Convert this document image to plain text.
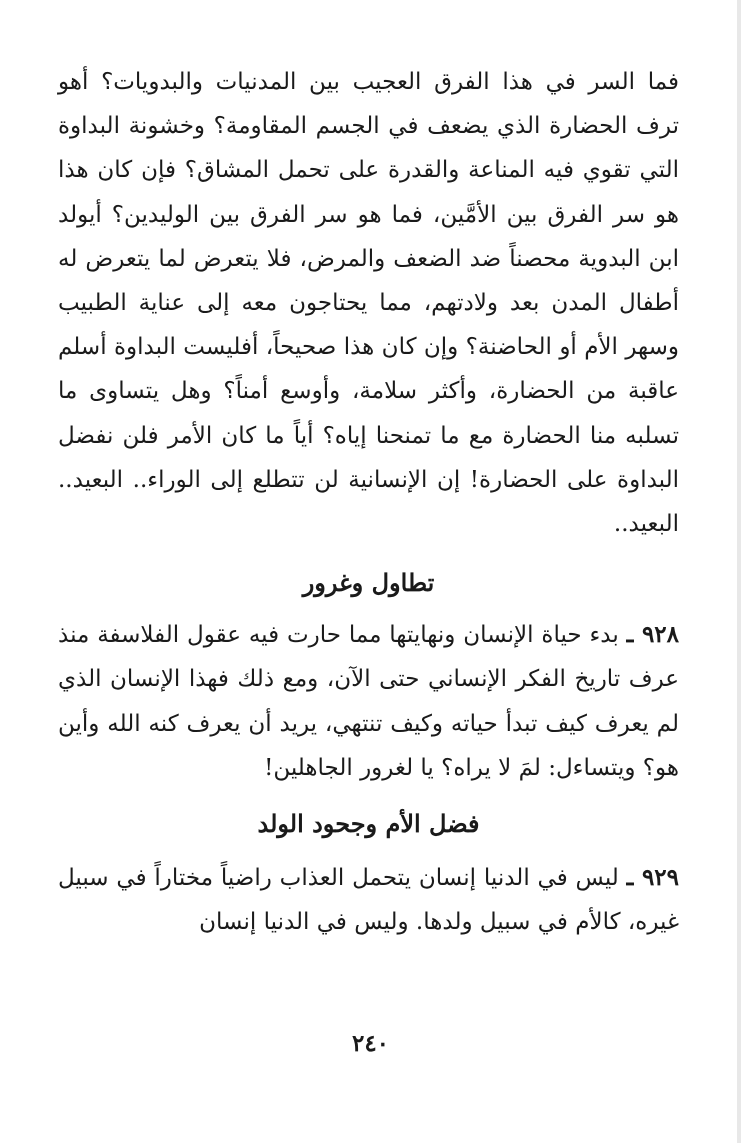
فما السر في هذا الفرق العجيب بين المدنيات والبدويات؟ أهو ترف الحضارة الذي يضعف في الجسم المقاومة؟ وخشونة البداوة التي تقوي فيه المناعة والقدرة على تحمل المشاق؟ فإن كان هذا هو سر الفرق بين الأمَّين، فما هو سر الفرق بين الوليدين؟ أيولد ابن البدوية محصناً ضد الضعف والمرض، فلا يتعرض لما يتعرض له أطفال المدن بعد ولادتهم، مما يحتاجون معه إلى عناية الطبيب وسهر الأم أو الحاضنة؟ وإن كان هذا صحيحاً، أفليست البداوة أسلم عاقبة من الحضارة، وأكثر سلامة، وأوسع أمناً؟ وهل يتساوى ما تسلبه منا الحضارة مع ما تمنحنا إياه؟ أياً ما كان الأمر فلن نفضل البداوة على الحضارة! إن الإنسانية لن تتطلع إلى الوراء.. البعيد.. البعيد..

تطاول وغرور

٩٢٨ ـ بدء حياة الإنسان ونهايتها مما حارت فيه عقول الفلاسفة منذ عرف تاريخ الفكر الإنساني حتى الآن، ومع ذلك فهذا الإنسان الذي لم يعرف كيف تبدأ حياته وكيف تنتهي، يريد أن يعرف كنه الله وأين هو؟ ويتساءل: لمَ لا يراه؟ يا لغرور الجاهلين!

فضل الأم وجحود الولد

٩٢٩ ـ ليس في الدنيا إنسان يتحمل العذاب راضياً مختاراً في سبيل غيره، كالأم في سبيل ولدها. وليس في الدنيا إنسان

٢٤٠
